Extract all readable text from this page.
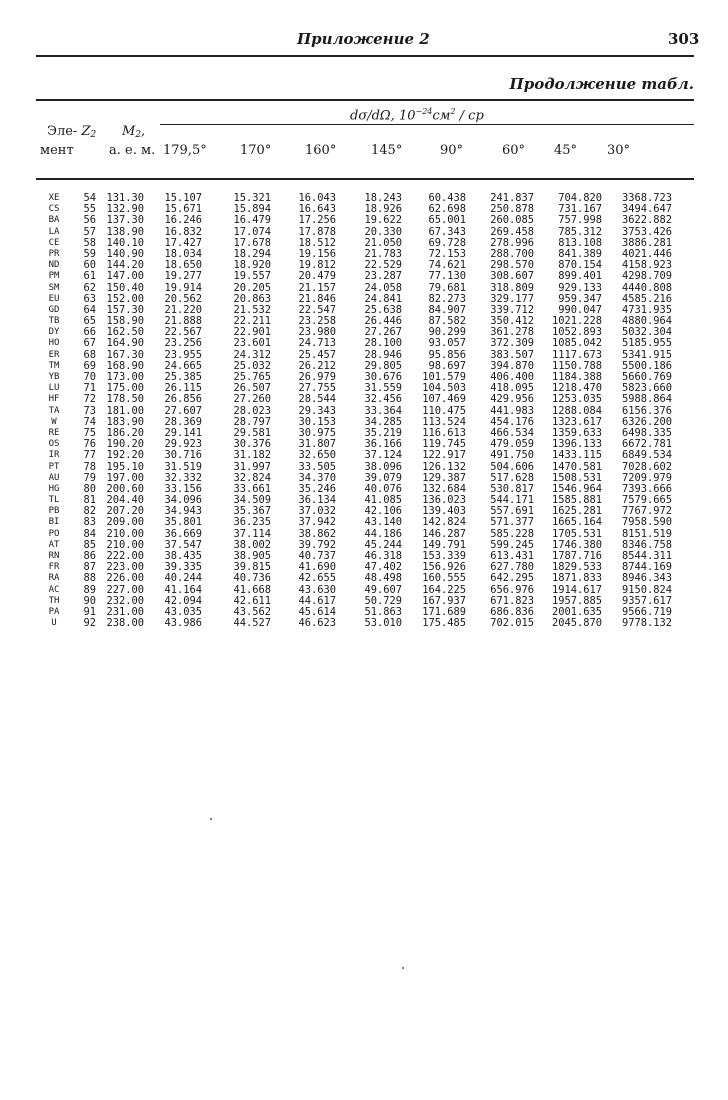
Приложение 2	303
Продолжение табл.
dσ/dΩ, $10^{-24}см^2$ / ср
Эле- $Z_2$
мент
$M_2$,
а. е. м. 179,5°	170°	160°	145°	90°	60° 45° 30°
XE	54	131.30	15.107	15.321	16.043	18.243	60.438	241.837	704.820	3368.723
CS	55	132.90	15.671	15.894	16.643	18.926	62.698	250.878	731.167	3494.647
BA	56	137.30	16.246	16.479	17.256	19.622	65.001	260.085	757.998	3622.882
LA	57	138.90	16.832	17.074	17.878	20.330	67.343	269.458	785.312	3753.426
CE	58	140.10	17.427	17.678	18.512	21.050	69.728	278.996	813.108	3886.281
PR	59	140.90	18.034	18.294	19.156	21.783	72.153	288.700	841.389	4021.446
ND	60	144.20	18.650	18.920	19.812	22.529	74.621	298.570	870.154	4158.923
PM	61	147.00	19.277	19.557	20.479	23.287	77.130	308.607	899.401	4298.709
SM	62	150.40	19.914	20.205	21.157	24.058	79.681	318.809	929.133	4440.808
EU	63	152.00	20.562	20.863	21.846	24.841	82.273	329.177	959.347	4585.216
GD	64	157.30	21.220	21.532	22.547	25.638	84.907	339.712	990.047	4731.935
TB	65	158.90	21.888	22.211	23.258	26.446	87.582	350.412	1021.228	4880.964
DY	66	162.50	22.567	22.901	23.980	27.267	90.299	361.278	1052.893	5032.304
HO	67	164.90	23.256	23.601	24.713	28.100	93.057	372.309	1085.042	5185.955
ER	68	167.30	23.955	24.312	25.457	28.946	95.856	383.507	1117.673	5341.915
TM	69	168.90	24.665	25.032	26.212	29.805	98.697	394.870	1150.788	5500.186
YB	70	173.00	25.385	25.765	26.979	30.676	101.579	406.400	1184.388	5660.769
LU	71	175.00	26.115	26.507	27.755	31.559	104.503	418.095	1218.470	5823.660
HF	72	178.50	26.856	27.260	28.544	32.456	107.469	429.956	1253.035	5988.864
TA	73	181.00	27.607	28.023	29.343	33.364	110.475	441.983	1288.084	6156.376
W	74	183.90	28.369	28.797	30.153	34.285	113.524	454.176	1323.617	6326.200
RE	75	186.20	29.141	29.581	30.975	35.219	116.613	466.534	1359.633	6498.335
OS	76	190.20	29.923	30.376	31.807	36.166	119.745	479.059	1396.133	6672.781
IR	77	192.20	30.716	31.182	32.650	37.124	122.917	491.750	1433.115	6849.534
PT	78	195.10	31.519	31.997	33.505	38.096	126.132	504.606	1470.581	7028.602
AU	79	197.00	32.332	32.824	34.370	39.079	129.387	517.628	1508.531	7209.979
HG	80	200.60	33.156	33.661	35.246	40.076	132.684	530.817	1546.964	7393.666
TL	81	204.40	34.096	34.509	36.134	41.085	136.023	544.171	1585.881	7579.665
PB	82	207.20	34.943	35.367	37.032	42.106	139.403	557.691	1625.281	7767.972
BI	83	209.00	35.801	36.235	37.942	43.140	142.824	571.377	1665.164	7958.590
PO	84	210.00	36.669	37.114	38.862	44.186	146.287	585.228	1705.531	8151.519
AT	85	210.00	37.547	38.002	39.792	45.244	149.791	599.245	1746.380	8346.758
RN	86	222.00	38.435	38.905	40.737	46.318	153.339	613.431	1787.716	8544.311
FR	87	223.00	39.335	39.815	41.690	47.402	156.926	627.780	1829.533	8744.169
RA	88	226.00	40.244	40.736	42.655	48.498	160.555	642.295	1871.833	8946.343
AC	89	227.00	41.164	41.668	43.630	49.607	164.225	656.976	1914.617	9150.824
TH	90	232.00	42.094	42.611	44.617	50.729	167.937	671.823	1957.885	9357.617
PA	91	231.00	43.035	43.562	45.614	51.863	171.689	686.836	2001.635	9566.719
U	92	238.00	43.986	44.527	46.623	53.010	175.485	702.015	2045.870	9778.132
